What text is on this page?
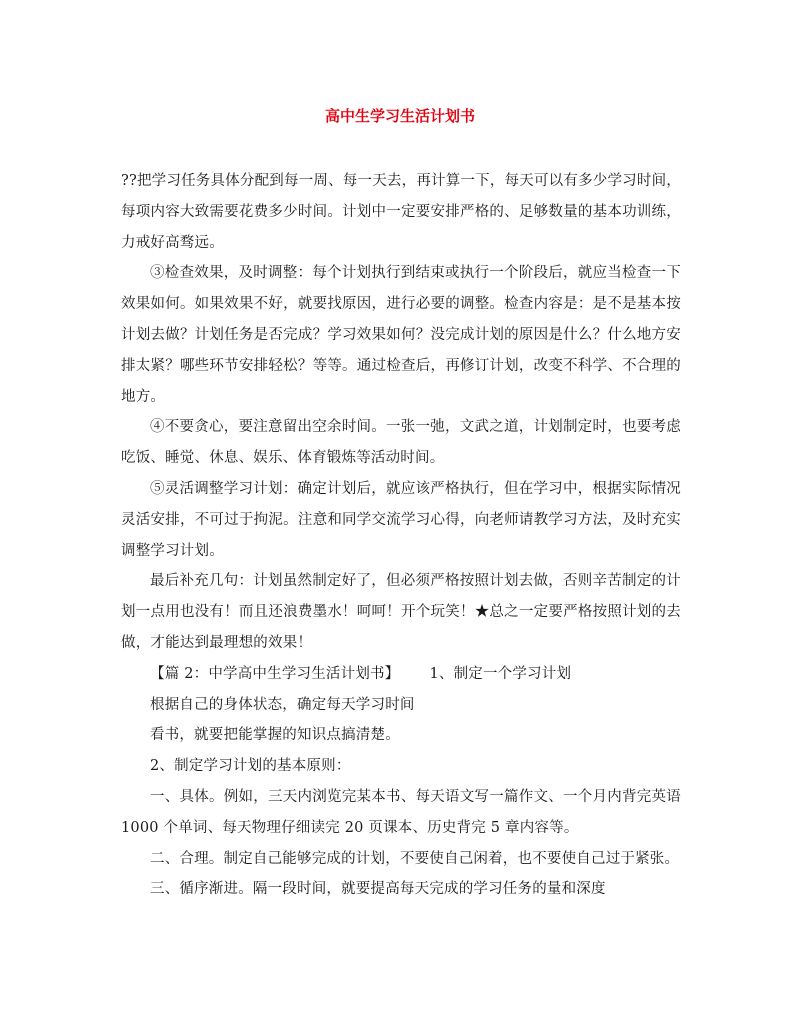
高中生学习生活计划书

??把学习任务具体分配到每一周、每一天去，再计算一下，每天可以有多少学习时间，每项内容大致需要花费多少时间。计划中一定要安排严格的、足够数量的基本功训练，力戒好高骛远。

③检查效果，及时调整：每个计划执行到结束或执行一个阶段后，就应当检查一下效果如何。如果效果不好，就要找原因，进行必要的调整。检查内容是：是不是基本按计划去做？计划任务是否完成？学习效果如何？没完成计划的原因是什么？什么地方安排太紧？哪些环节安排轻松？等等。通过检查后，再修订计划，改变不科学、不合理的地方。

④不要贪心，要注意留出空余时间。一张一弛，文武之道，计划制定时，也要考虑吃饭、睡觉、休息、娱乐、体育锻炼等活动时间。

⑤灵活调整学习计划：确定计划后，就应该严格执行，但在学习中，根据实际情况灵活安排，不可过于拘泥。注意和同学交流学习心得，向老师请教学习方法，及时充实调整学习计划。

最后补充几句：计划虽然制定好了，但必须严格按照计划去做，否则辛苦制定的计划一点用也没有！而且还浪费墨水！呵呵！开个玩笑！★总之一定要严格按照计划的去做，才能达到最理想的效果！

【篇 2：中学高中生学习生活计划书】 1、制定一个学习计划

根据自己的身体状态，确定每天学习时间

看书，就要把能掌握的知识点搞清楚。

2、制定学习计划的基本原则：

一、具体。例如，三天内浏览完某本书、每天语文写一篇作文、一个月内背完英语 1000 个单词、每天物理仔细读完 20 页课本、历史背完 5 章内容等。

二、合理。制定自己能够完成的计划，不要使自己闲着，也不要使自己过于紧张。

三、循序渐进。隔一段时间，就要提高每天完成的学习任务的量和深度
